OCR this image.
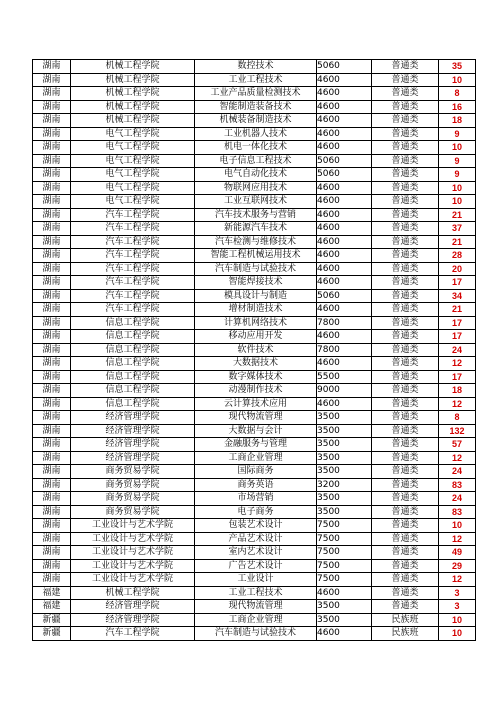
湖南	机械工程学院	数控技术	5060	普通类	35
湖南	机械工程学院	工业工程技术	4600	普通类	10
湖南	机械工程学院	工业产品质量检测技术	4600	普通类	8
湖南	机械工程学院	智能制造装备技术	4600	普通类	16
湖南	机械工程学院	机械装备制造技术	4600	普通类	18
湖南	电气工程学院	工业机器人技术	4600	普通类	9
湖南	电气工程学院	机电一体化技术	4600	普通类	10
湖南	电气工程学院	电子信息工程技术	5060	普通类	9
湖南	电气工程学院	电气自动化技术	5060	普通类	9
湖南	电气工程学院	物联网应用技术	4600	普通类	10
湖南	电气工程学院	工业互联网技术	4600	普通类	10
湖南	汽车工程学院	汽车技术服务与营销	4600	普通类	21
湖南	汽车工程学院	新能源汽车技术	4600	普通类	37
湖南	汽车工程学院	汽车检测与维修技术	4600	普通类	21
湖南	汽车工程学院	智能工程机械运用技术	4600	普通类	28
湖南	汽车工程学院	汽车制造与试验技术	4600	普通类	20
湖南	汽车工程学院	智能焊接技术	4600	普通类	17
湖南	汽车工程学院	模具设计与制造	5060	普通类	34
湖南	汽车工程学院	增材制造技术	4600	普通类	21
湖南	信息工程学院	计算机网络技术	7800	普通类	17
湖南	信息工程学院	移动应用开发	4600	普通类	17
湖南	信息工程学院	软件技术	7800	普通类	24
湖南	信息工程学院	大数据技术	4600	普通类	12
湖南	信息工程学院	数字媒体技术	5500	普通类	17
湖南	信息工程学院	动漫制作技术	9000	普通类	18
湖南	信息工程学院	云计算技术应用	4600	普通类	12
湖南	经济管理学院	现代物流管理	3500	普通类	8
湖南	经济管理学院	大数据与会计	3500	普通类	132
湖南	经济管理学院	金融服务与管理	3500	普通类	57
湖南	经济管理学院	工商企业管理	3500	普通类	12
湖南	商务贸易学院	国际商务	3500	普通类	24
湖南	商务贸易学院	商务英语	3200	普通类	83
湖南	商务贸易学院	市场营销	3500	普通类	24
湖南	商务贸易学院	电子商务	3500	普通类	83
湖南	工业设计与艺术学院	包装艺术设计	7500	普通类	10
湖南	工业设计与艺术学院	产品艺术设计	7500	普通类	12
湖南	工业设计与艺术学院	室内艺术设计	7500	普通类	49
湖南	工业设计与艺术学院	广告艺术设计	7500	普通类	29
湖南	工业设计与艺术学院	工业设计	7500	普通类	12
福建	机械工程学院	工业工程技术	4600	普通类	3
福建	经济管理学院	现代物流管理	3500	普通类	3
新疆	经济管理学院	工商企业管理	3500	民族班	10
新疆	汽车工程学院	汽车制造与试验技术	4600	民族班	10
